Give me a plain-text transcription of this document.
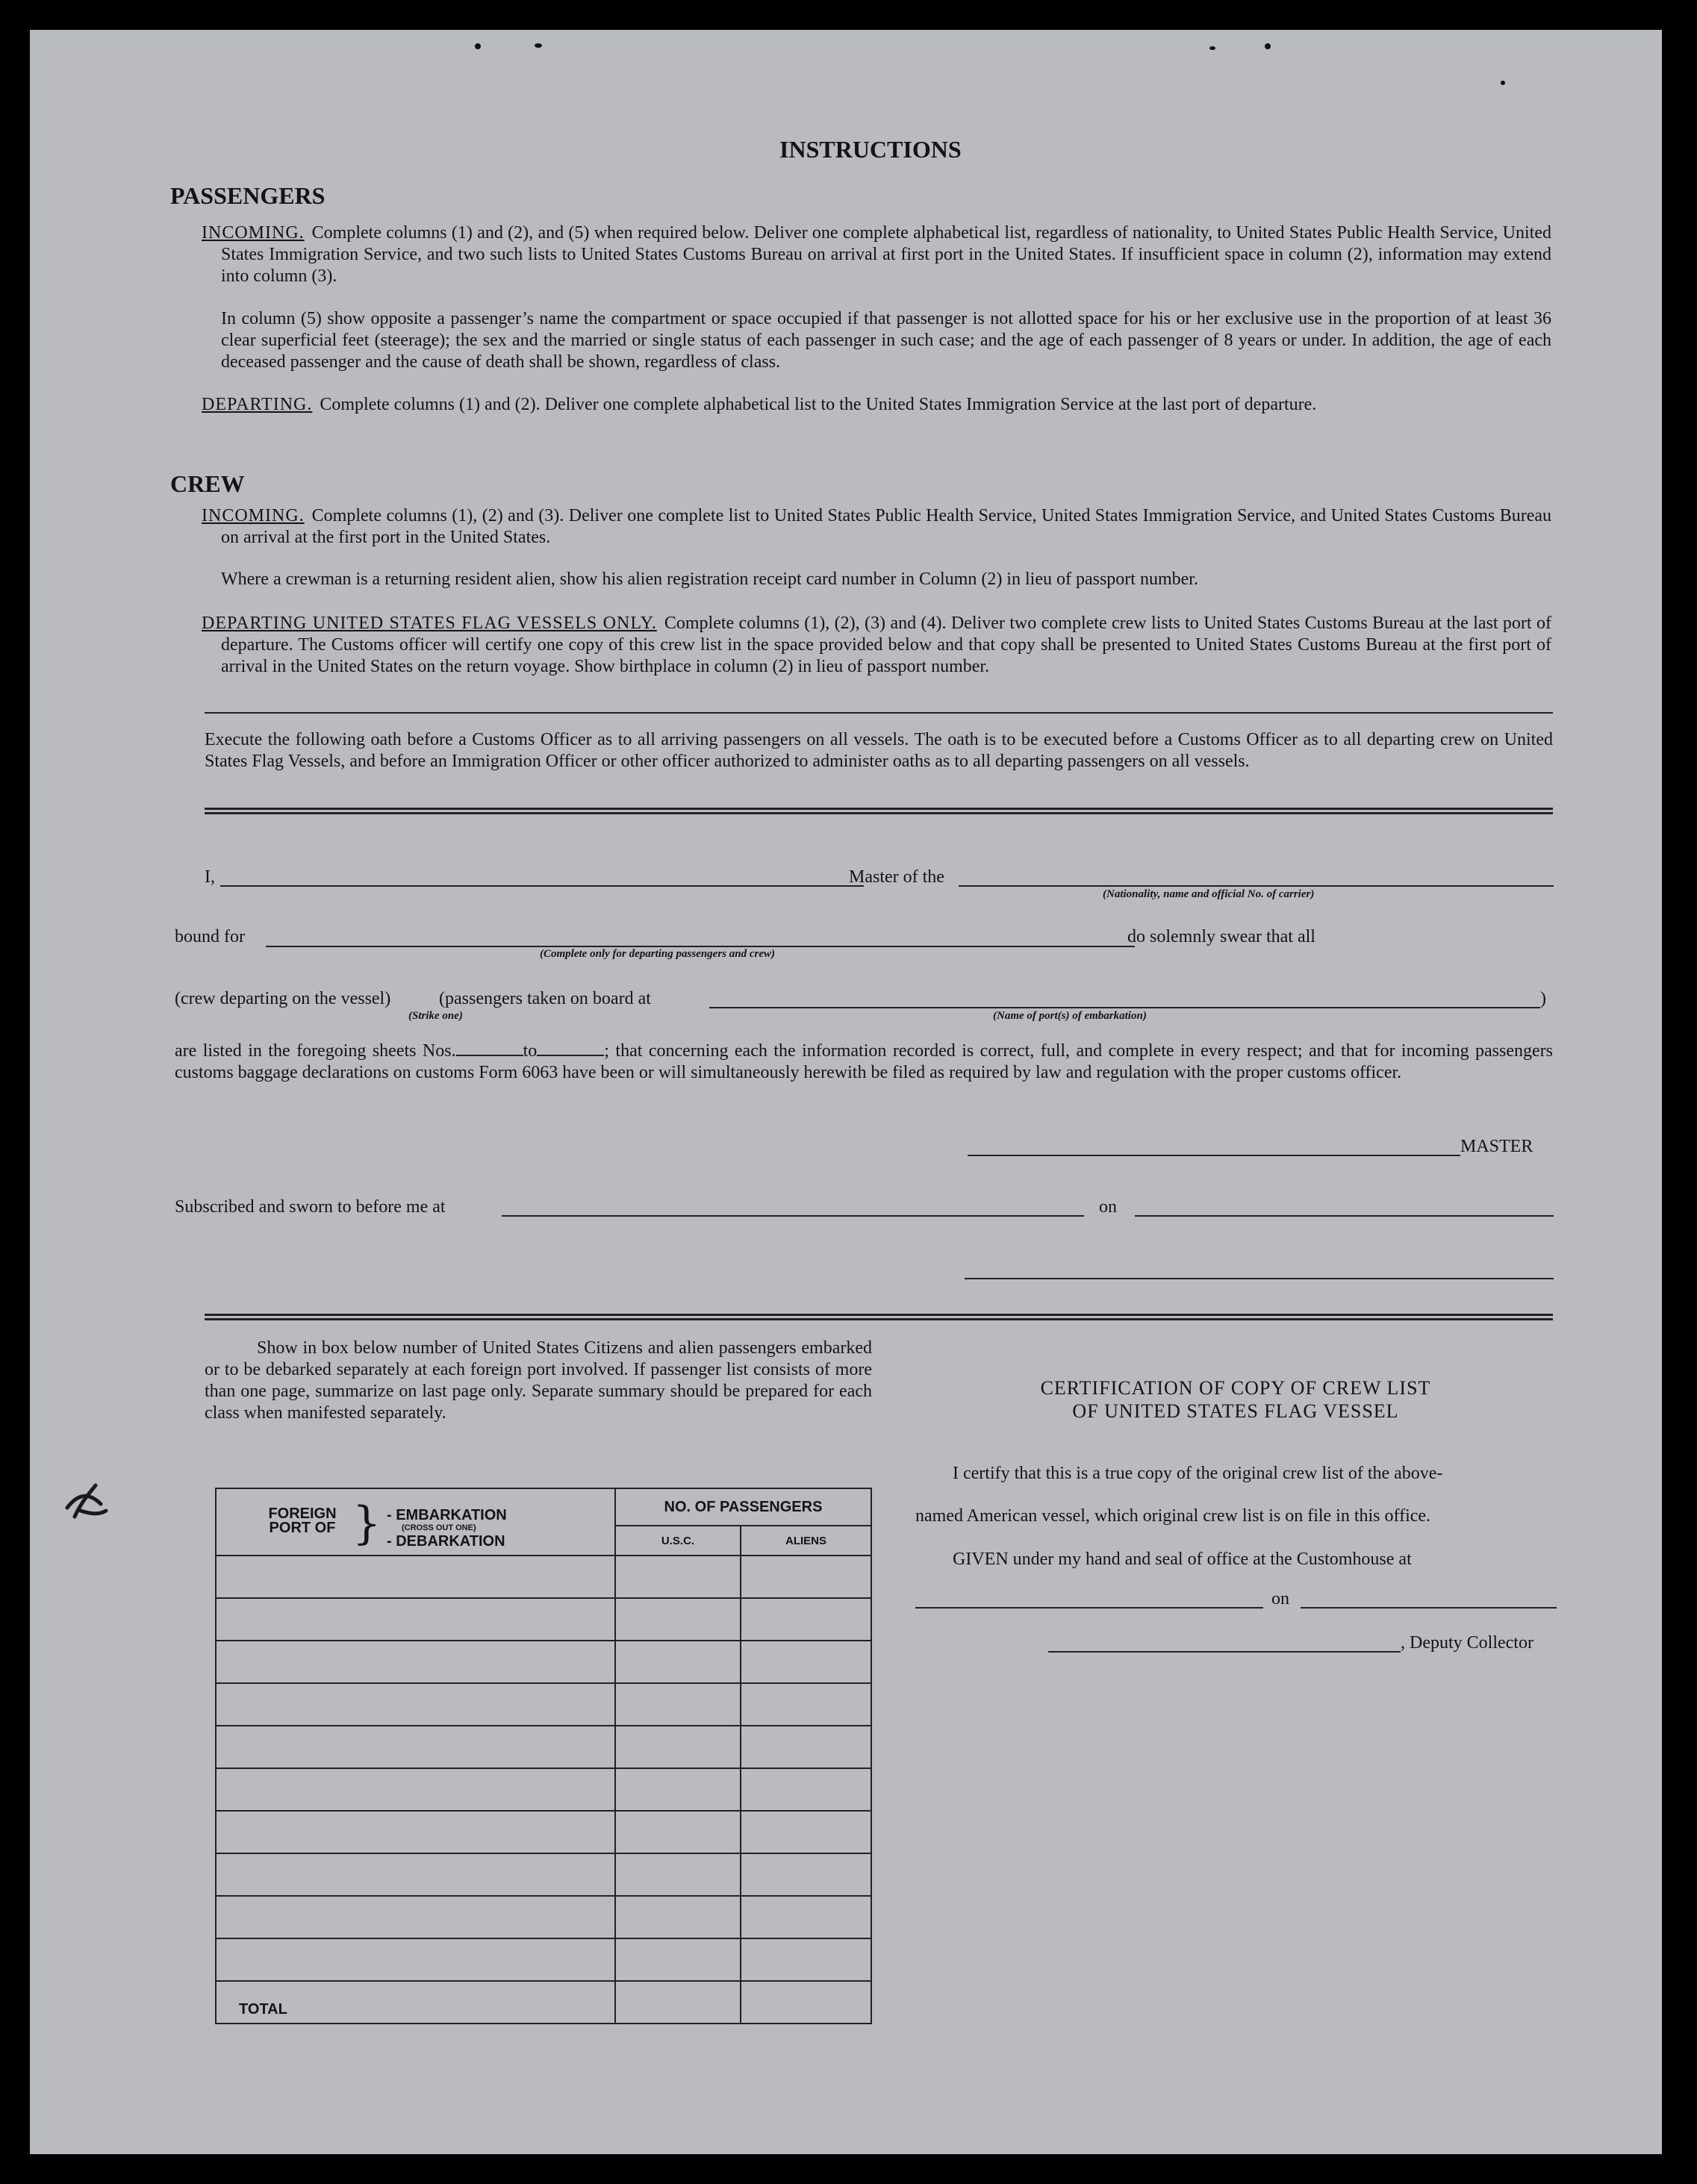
INSTRUCTIONS
PASSENGERS
INCOMING. Complete columns (1) and (2), and (5) when required below. Deliver one complete alphabetical list, regardless of nationality, to United States Public Health Service, United States Immigration Service, and two such lists to United States Customs Bureau on arrival at first port in the United States. If insufficient space in column (2), information may extend into column (3).
In column (5) show opposite a passenger’s name the compartment or space occupied if that passenger is not allotted space for his or her exclusive use in the proportion of at least 36 clear superficial feet (steerage); the sex and the married or single status of each passenger in such case; and the age of each passenger of 8 years or under. In addition, the age of each deceased passenger and the cause of death shall be shown, regardless of class.
DEPARTING. Complete columns (1) and (2). Deliver one complete alphabetical list to the United States Immigration Service at the last port of departure.
CREW
INCOMING. Complete columns (1), (2) and (3). Deliver one complete list to United States Public Health Service, United States Immigration Service, and United States Customs Bureau on arrival at the first port in the United States.
Where a crewman is a returning resident alien, show his alien registration receipt card number in Column (2) in lieu of passport number.
DEPARTING UNITED STATES FLAG VESSELS ONLY. Complete columns (1), (2), (3) and (4). Deliver two complete crew lists to United States Customs Bureau at the last port of departure. The Customs officer will certify one copy of this crew list in the space provided below and that copy shall be presented to United States Customs Bureau at the first port of arrival in the United States on the return voyage. Show birthplace in column (2) in lieu of passport number.
Execute the following oath before a Customs Officer as to all arriving passengers on all vessels. The oath is to be executed before a Customs Officer as to all departing crew on United States Flag Vessels, and before an Immigration Officer or other officer authorized to administer oaths as to all departing passengers on all vessels.
I,	Master of the
(Nationality, name and official No. of carrier)
bound for
(Complete only for departing passengers and crew)
do solemnly swear that all
(crew departing on the vessel)
(Strike one)
(passengers taken on board at
(Name of port(s) of embarkation)
)
are listed in the foregoing sheets Nos.	to	; that concerning each the information recorded is correct, full, and complete in every respect; and that for incoming passengers customs baggage declarations on customs Form 6063 have been or will simultaneously herewith be filed as required by law and regulation with the proper customs officer.
MASTER
Subscribed and sworn to before me at	on
Show in box below number of United States Citizens and alien passengers embarked or to be debarked separately at each foreign port involved. If passenger list consists of more than one page, summarize on last page only. Separate summary should be prepared for each class when manifested separately.
FOREIGN PORT OF } - EMBARKATION
(CROSS OUT ONE)
- DEBARKATION	NO. OF PASSENGERS	
	U.S.C.	ALIENS

TOTAL		
CERTIFICATION OF COPY OF CREW LIST
OF UNITED STATES FLAG VESSEL
I certify that this is a true copy of the original crew list of the above-
named American vessel, which original crew list is on file in this office.
GIVEN under my hand and seal of office at the Customhouse at
on
, Deputy Collector
